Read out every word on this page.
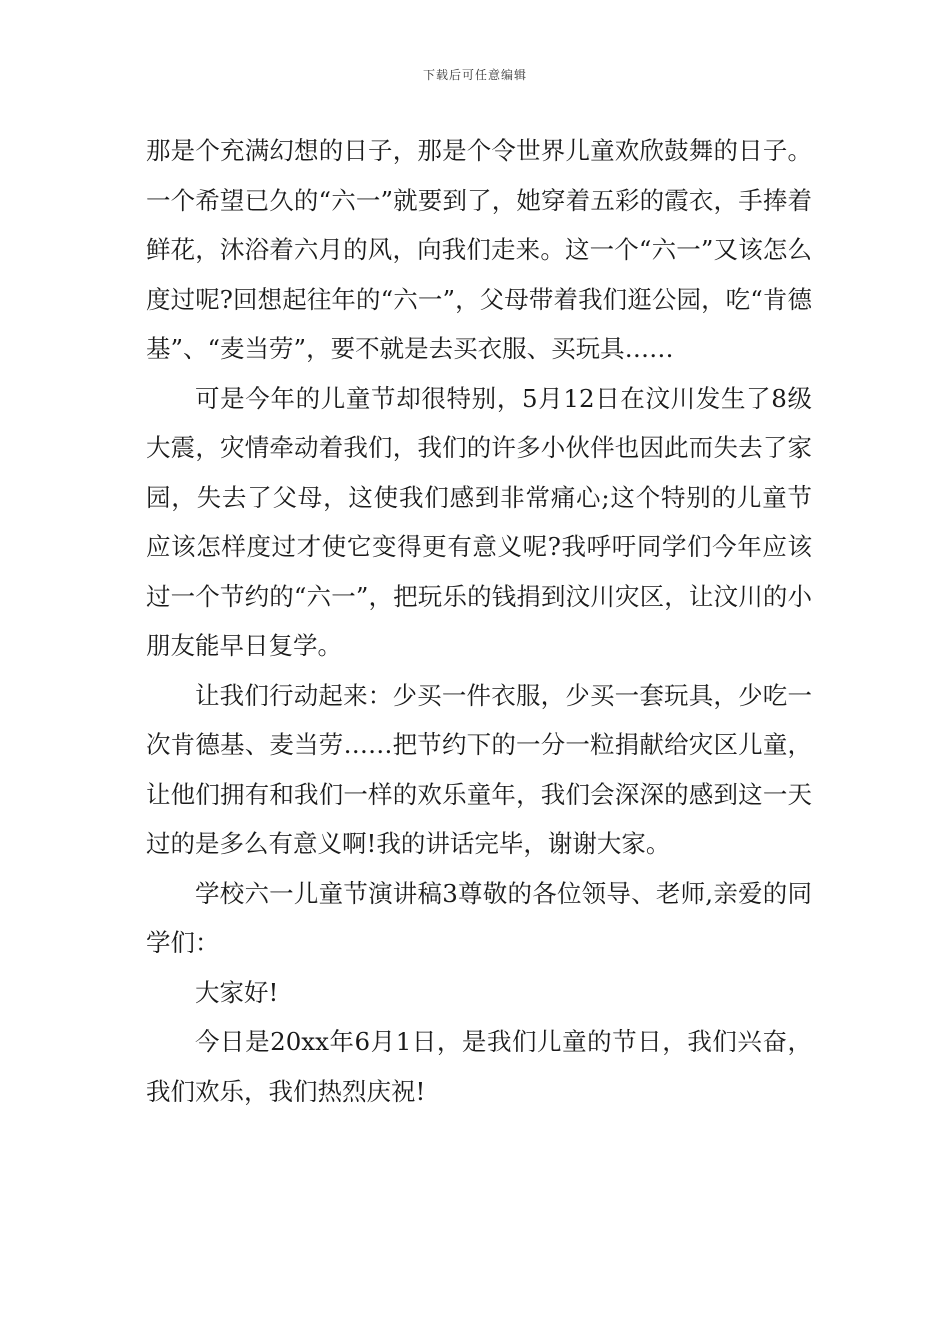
下载后可任意编辑

那是个充满幻想的日子，那是个令世界儿童欢欣鼓舞的日子。一个希望已久的“六一”就要到了，她穿着五彩的霞衣，手捧着鲜花，沐浴着六月的风，向我们走来。这一个“六一”又该怎么度过呢?回想起往年的“六一”，父母带着我们逛公园，吃“肯德基”、“麦当劳”，要不就是去买衣服、买玩具……

可是今年的儿童节却很特别，5月12日在汶川发生了8级大震，灾情牵动着我们，我们的许多小伙伴也因此而失去了家园，失去了父母，这使我们感到非常痛心;这个特别的儿童节应该怎样度过才使它变得更有意义呢?我呼吁同学们今年应该过一个节约的“六一”，把玩乐的钱捐到汶川灾区，让汶川的小朋友能早日复学。

让我们行动起来：少买一件衣服，少买一套玩具，少吃一次肯德基、麦当劳……把节约下的一分一粒捐献给灾区儿童，让他们拥有和我们一样的欢乐童年，我们会深深的感到这一天过的是多么有意义啊!我的讲话完毕，谢谢大家。

学校六一儿童节演讲稿3尊敬的各位领导、老师,亲爱的同学们：

大家好!

今日是20xx年6月1日，是我们儿童的节日，我们兴奋，我们欢乐，我们热烈庆祝!
